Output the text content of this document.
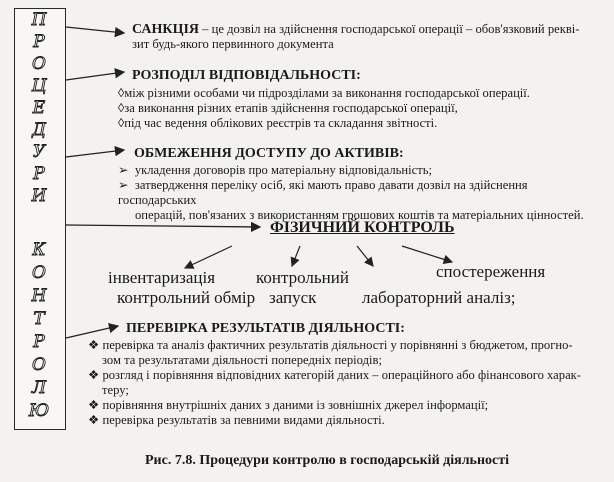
П
Р
О
Ц
Е
Д
У
Р
И
К
О
Н
Т
Р
О
Л
Ю
САНКЦІЯ – це дозвіл на здійснення господарської операції – обов'язковий рекві-
зит будь-якого первинного документа
РОЗПОДІЛ ВІДПОВІДАЛЬНОСТІ:
◊між різними особами чи підрозділами за виконання господарської операції.
◊за виконання різних етапів здійснення господарської операції,
◊під час ведення облікових реєстрів та складання звітності.
ОБМЕЖЕННЯ ДОСТУПУ ДО АКТИВІВ:
➢ укладення договорів про матеріальну відповідальність;
➢ затвердження переліку осіб, які мають право давати дозвіл на здійснення господарських
операцій, пов'язаних з використанням грошових коштів та матеріальних цінностей.
ФІЗИЧНИЙ КОНТРОЛЬ
інвентаризація
контрольний обмір
контрольний
запуск
спостереження
лабораторний аналіз;
ПЕРЕВІРКА РЕЗУЛЬТАТІВ ДІЯЛЬНОСТІ:
❖ перевірка та аналіз фактичних результатів діяльності у порівнянні з бюджетом, прогно-
зом та результатами діяльності попередніх періодів;
❖ розгляд і порівняння відповідних категорій даних – операційного або фінансового харак-
теру;
❖ порівняння внутрішніх даних з даними із зовнішніх джерел інформації;
❖ перевірка результатів за певними видами діяльності.
Рис. 7.8. Процедури контролю в господарській діяльності
